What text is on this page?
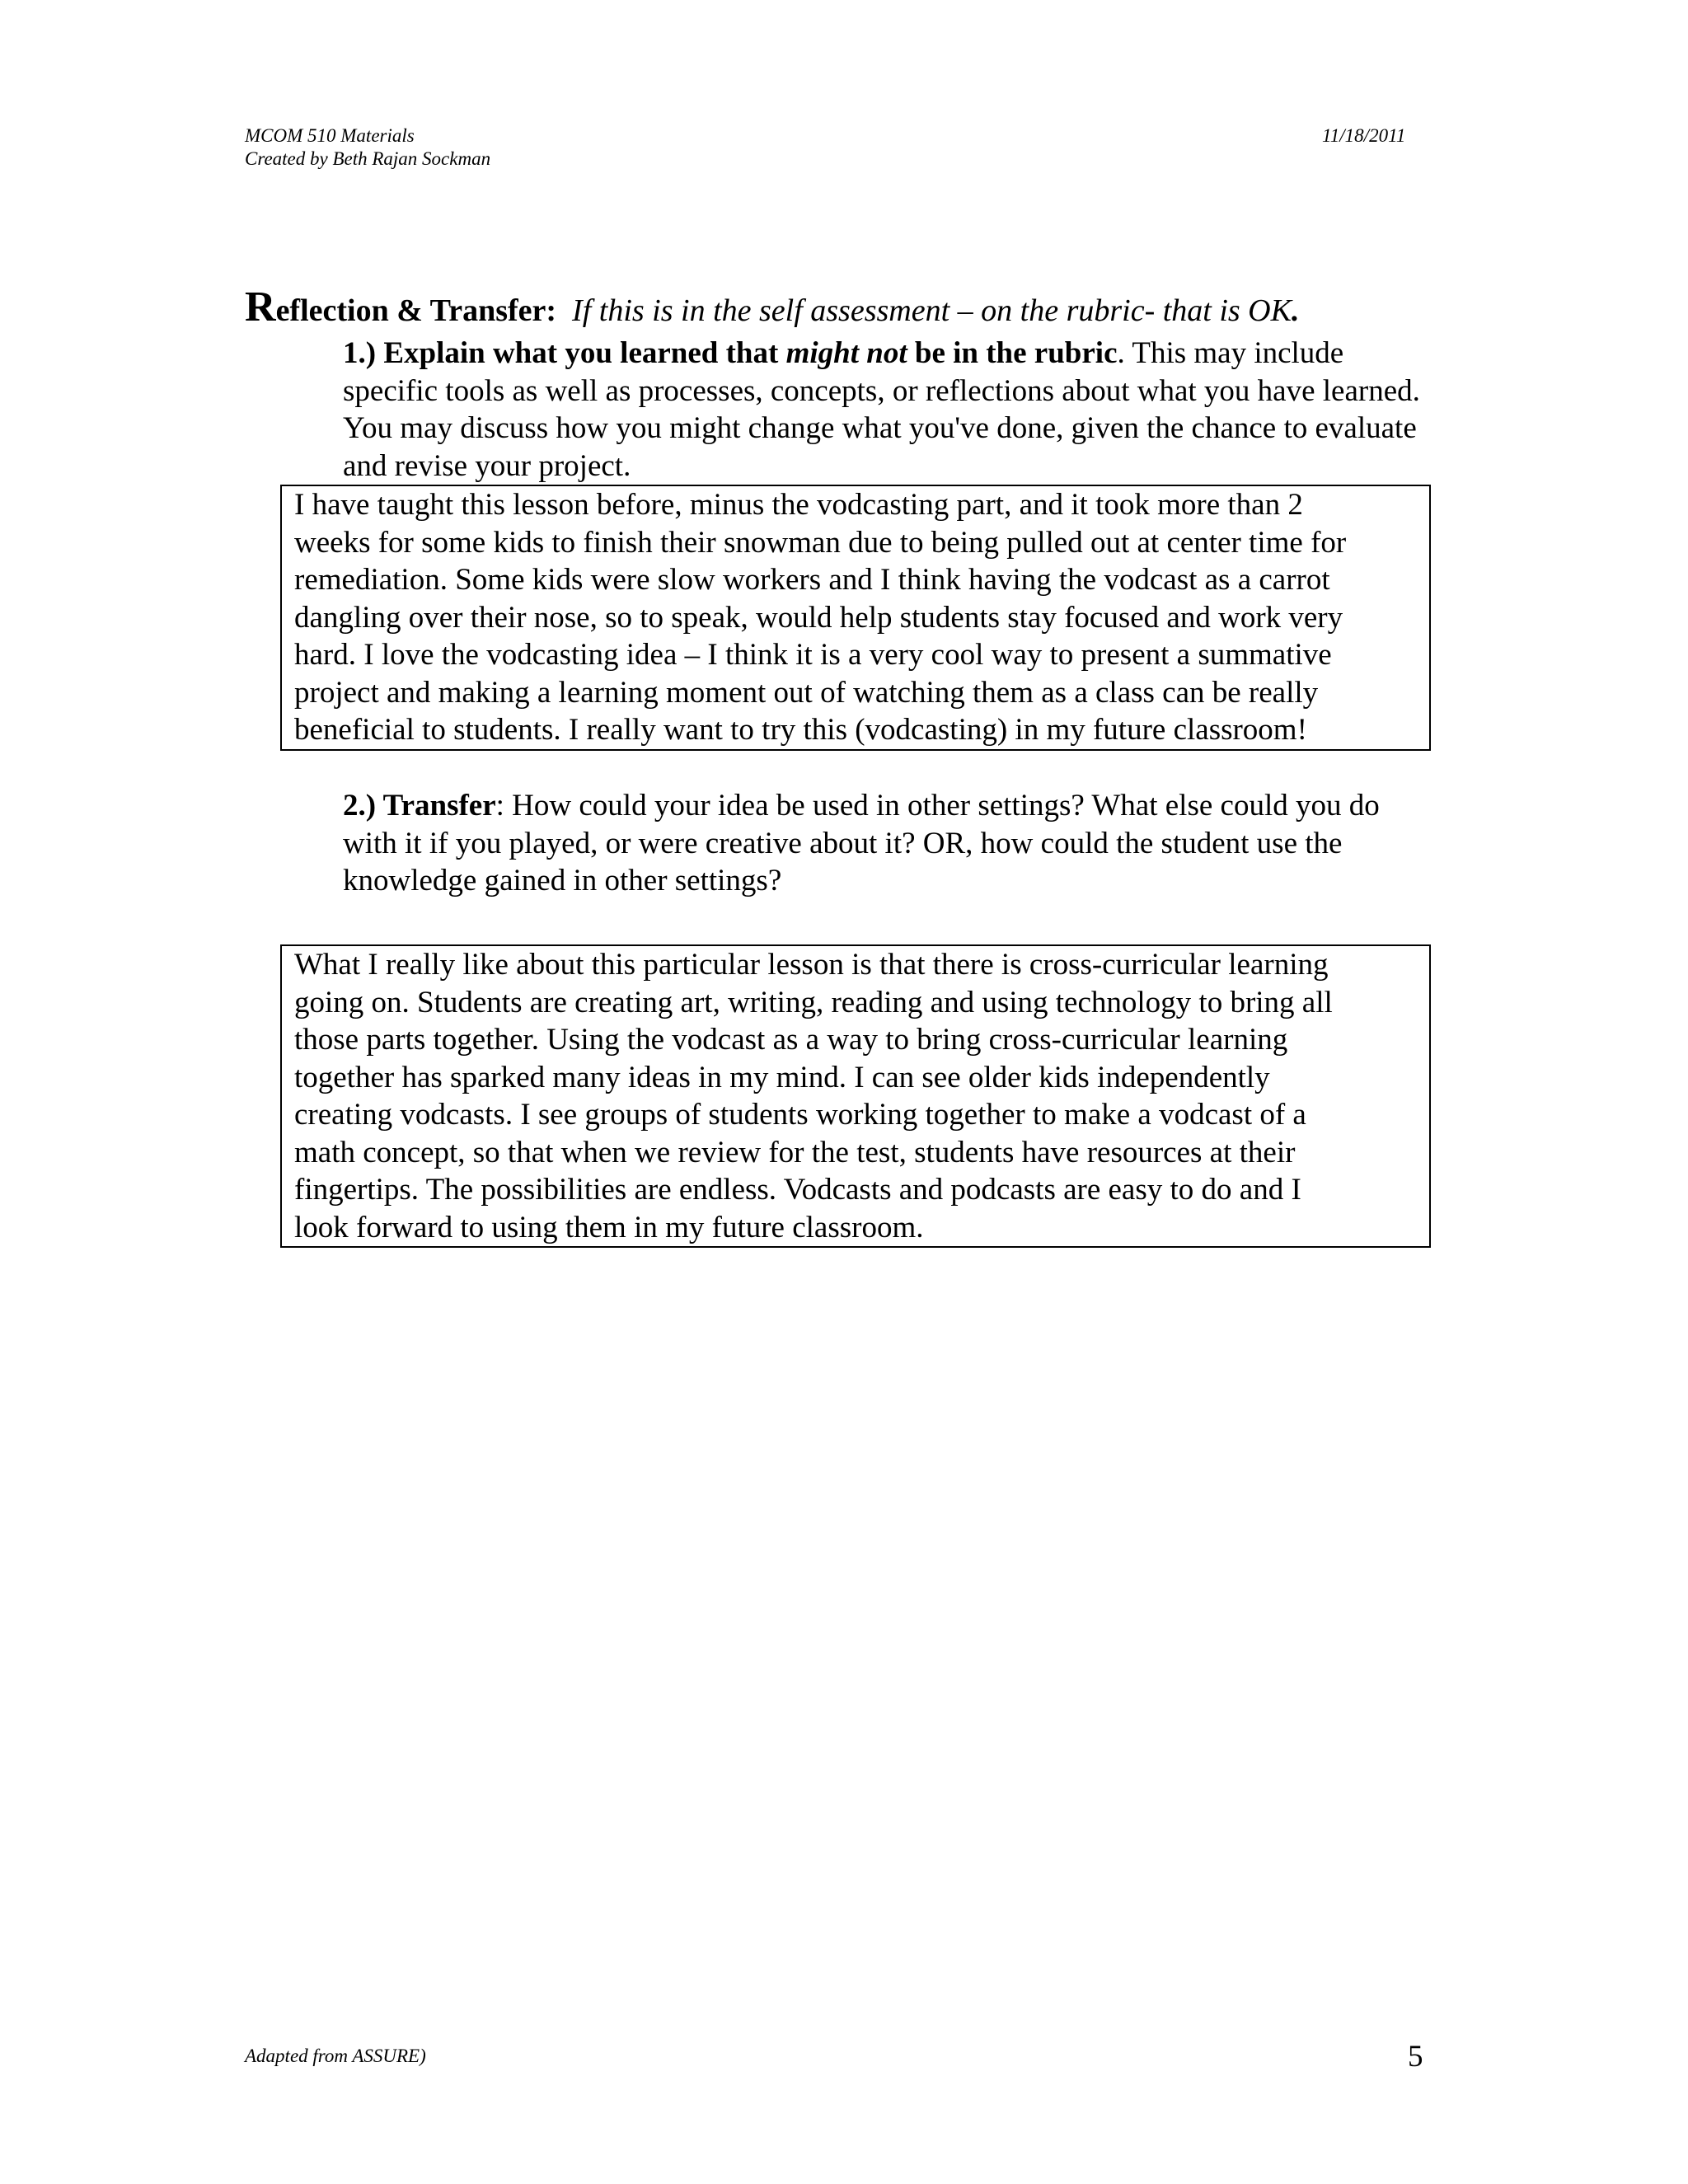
MCOM 510 Materials
Created by Beth Rajan Sockman
11/18/2011
Reflection & Transfer: If this is in the self assessment – on the rubric- that is OK.
1.) Explain what you learned that might not be in the rubric. This may include specific tools as well as processes, concepts, or reflections about what you have learned. You may discuss how you might change what you've done, given the chance to evaluate and revise your project.
I have taught this lesson before, minus the vodcasting part, and it took more than 2
weeks for some kids to finish their snowman due to being pulled out at center time for
remediation. Some kids were slow workers and I think having the vodcast as a carrot
dangling over their nose, so to speak, would help students stay focused and work very
hard. I love the vodcasting idea – I think it is a very cool way to present a summative
project and making a learning moment out of watching them as a class can be really
beneficial to students. I really want to try this (vodcasting) in my future classroom!
2.) Transfer: How could your idea be used in other settings? What else could you do with it if you played, or were creative about it? OR, how could the student use the knowledge gained in other settings?
What I really like about this particular lesson is that there is cross-curricular learning
going on. Students are creating art, writing, reading and using technology to bring all
those parts together. Using the vodcast as a way to bring cross-curricular learning
together has sparked many ideas in my mind. I can see older kids independently
creating vodcasts. I see groups of students working together to make a vodcast of a
math concept, so that when we review for the test, students have resources at their
fingertips. The possibilities are endless. Vodcasts and podcasts are easy to do and I
look forward to using them in my future classroom.
Adapted from ASSURE)	5
